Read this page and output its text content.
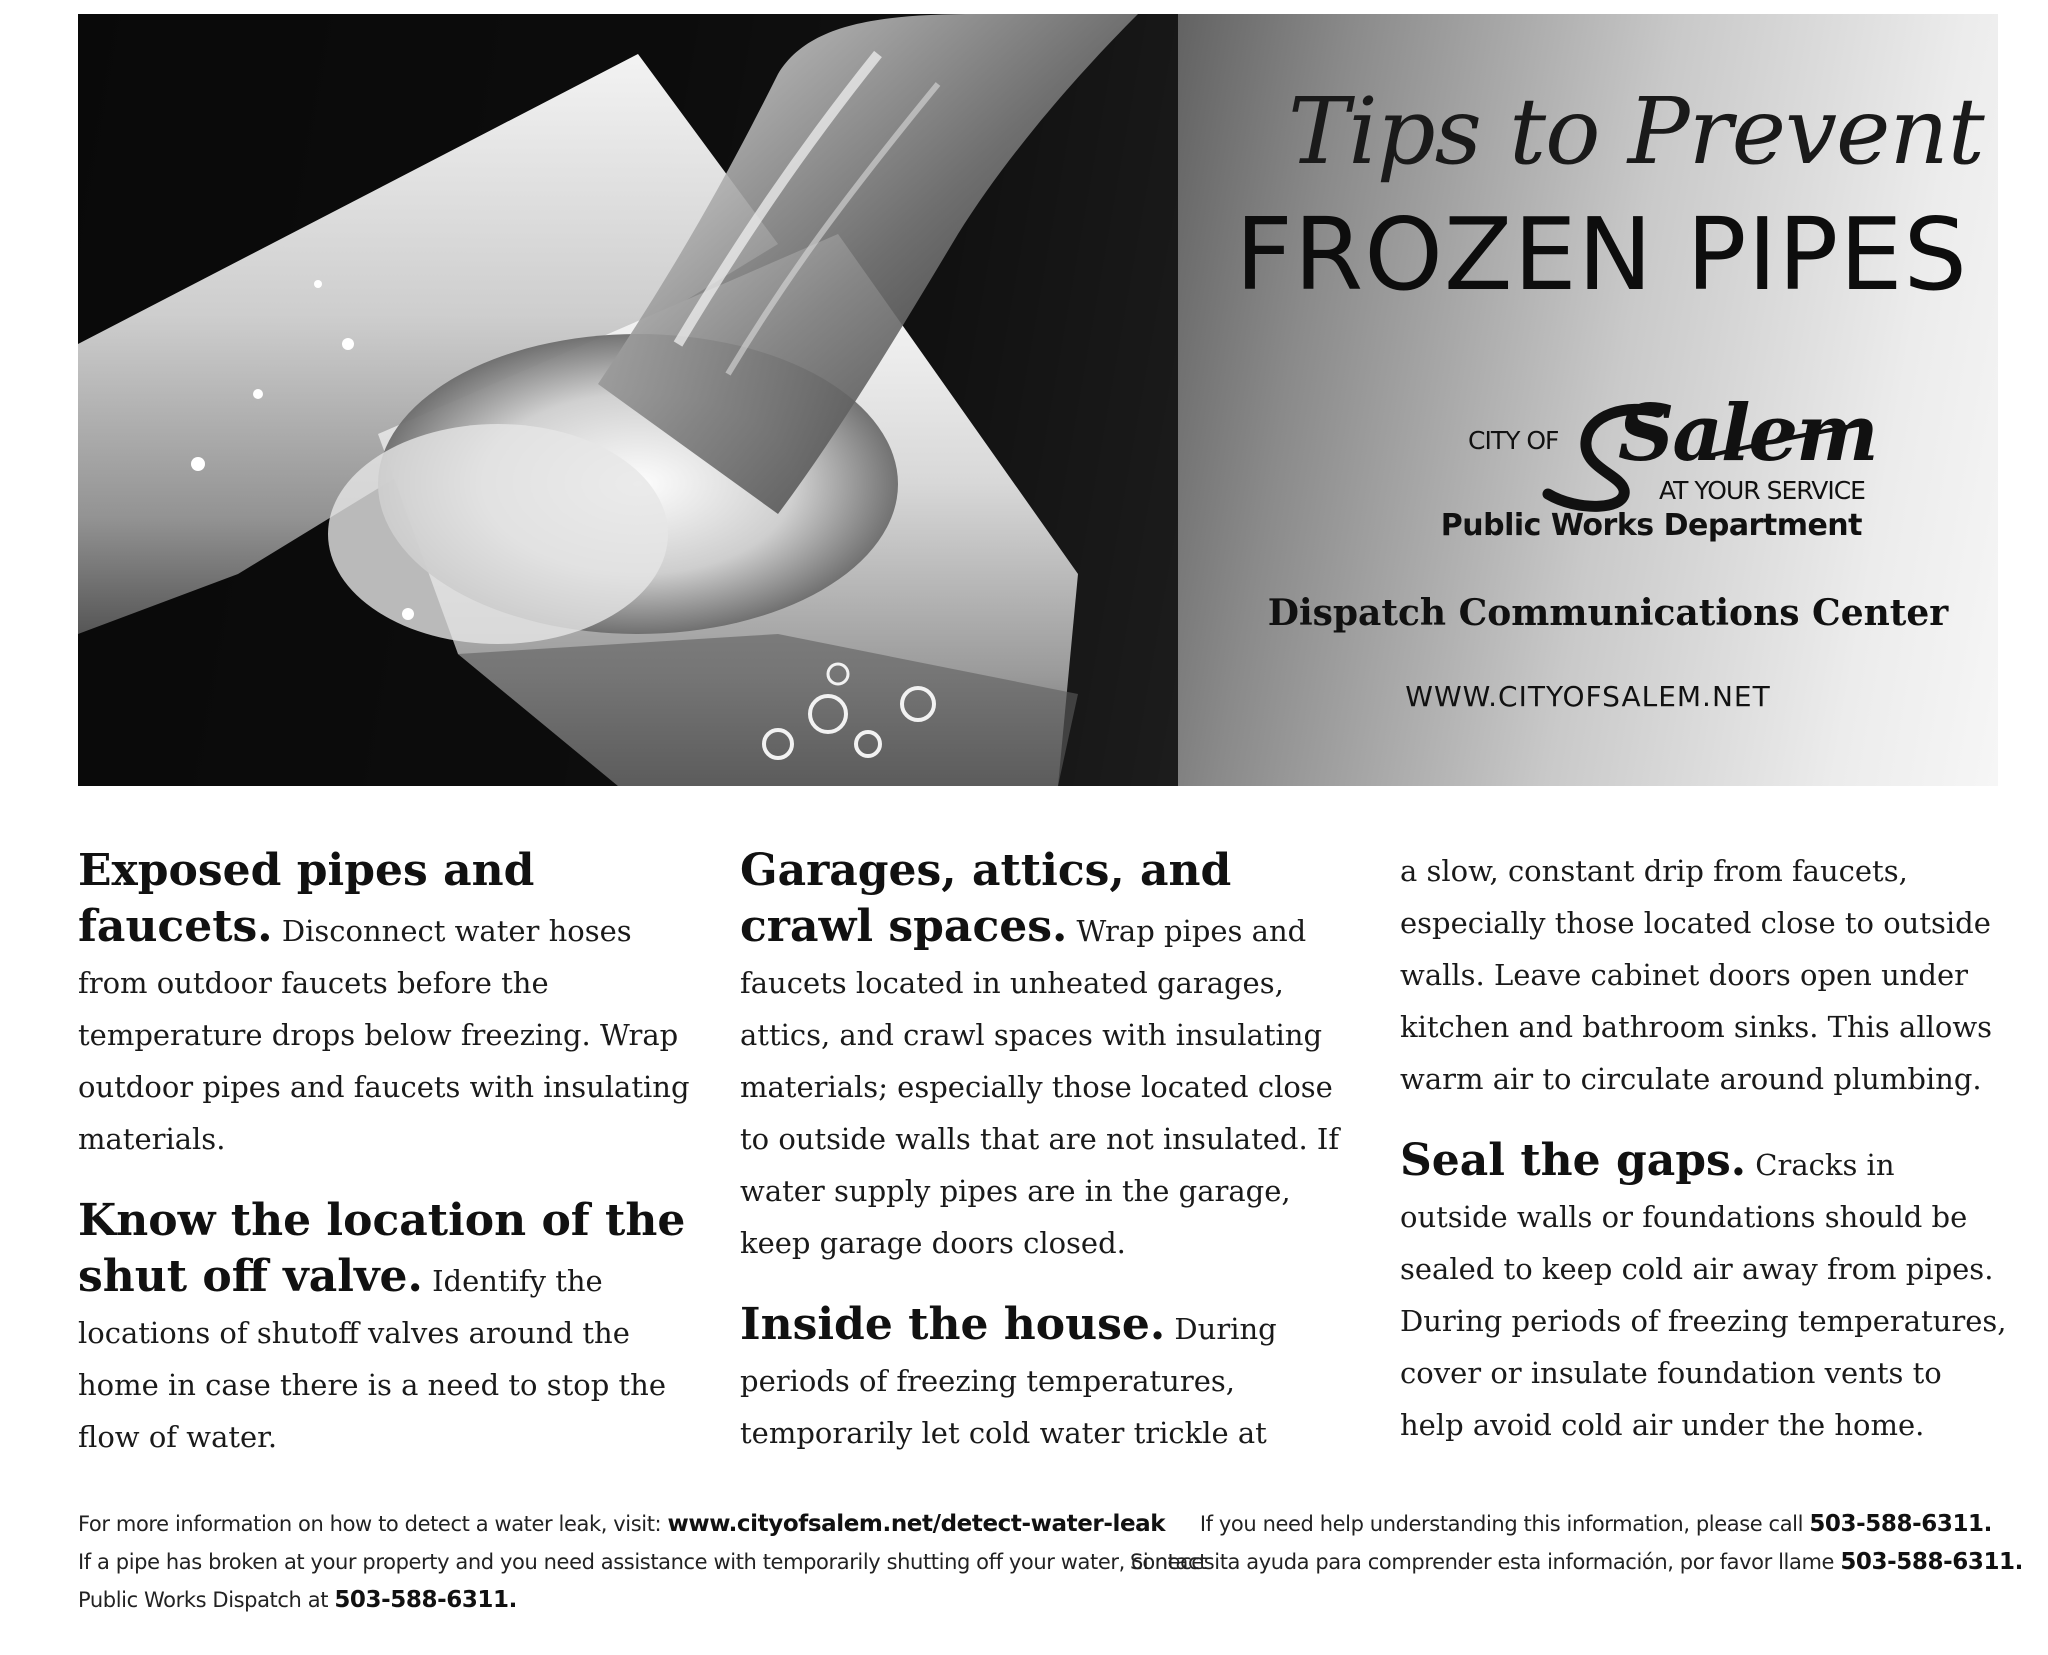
Tips to Prevent
FROZEN PIPES
CITY OF Salem
AT YOUR SERVICE
Public Works Department
Dispatch Communications Center
WWW.CITYOFSALEM.NET

Exposed pipes and faucets. Disconnect water hoses from outdoor faucets before the temperature drops below freezing. Wrap outdoor pipes and faucets with insulating materials.

Know the location of the shut off valve. Identify the locations of shutoff valves around the home in case there is a need to stop the flow of water.

Garages, attics, and crawl spaces. Wrap pipes and faucets located in unheated garages, attics, and crawl spaces with insulating materials; especially those located close to outside walls that are not insulated. If water supply pipes are in the garage, keep garage doors closed.

Inside the house. During periods of freezing temperatures, temporarily let cold water trickle at

a slow, constant drip from faucets, especially those located close to outside walls. Leave cabinet doors open under kitchen and bathroom sinks. This allows warm air to circulate around plumbing.

Seal the gaps. Cracks in outside walls or foundations should be sealed to keep cold air away from pipes. During periods of freezing temperatures, cover or insulate foundation vents to help avoid cold air under the home.

For more information on how to detect a water leak, visit: www.cityofsalem.net/detect-water-leak
If a pipe has broken at your property and you need assistance with temporarily shutting off your water, contact
Public Works Dispatch at 503-588-6311.
If you need help understanding this information, please call 503-588-6311.
Si necesita ayuda para comprender esta información, por favor llame 503-588-6311.
